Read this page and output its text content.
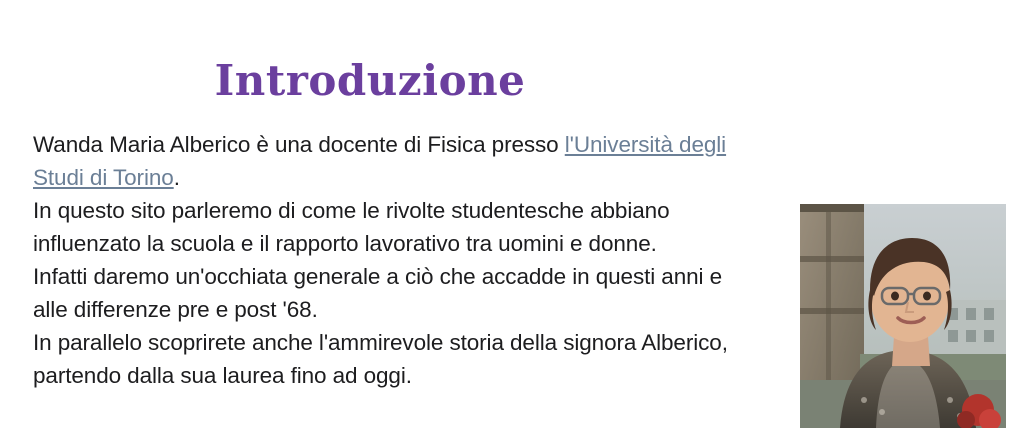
Introduzione

Wanda Maria Alberico è una docente di Fisica presso l'Università degli Studi di Torino.

In questo sito parleremo di come le rivolte studentesche abbiano influenzato la scuola e il rapporto lavorativo tra uomini e donne.

Infatti daremo un'occhiata generale a ciò che accadde in questi anni e alle differenze pre e post '68.

In parallelo scoprirete anche l'ammirevole storia della signora Alberico, partendo dalla sua laurea fino ad oggi.
